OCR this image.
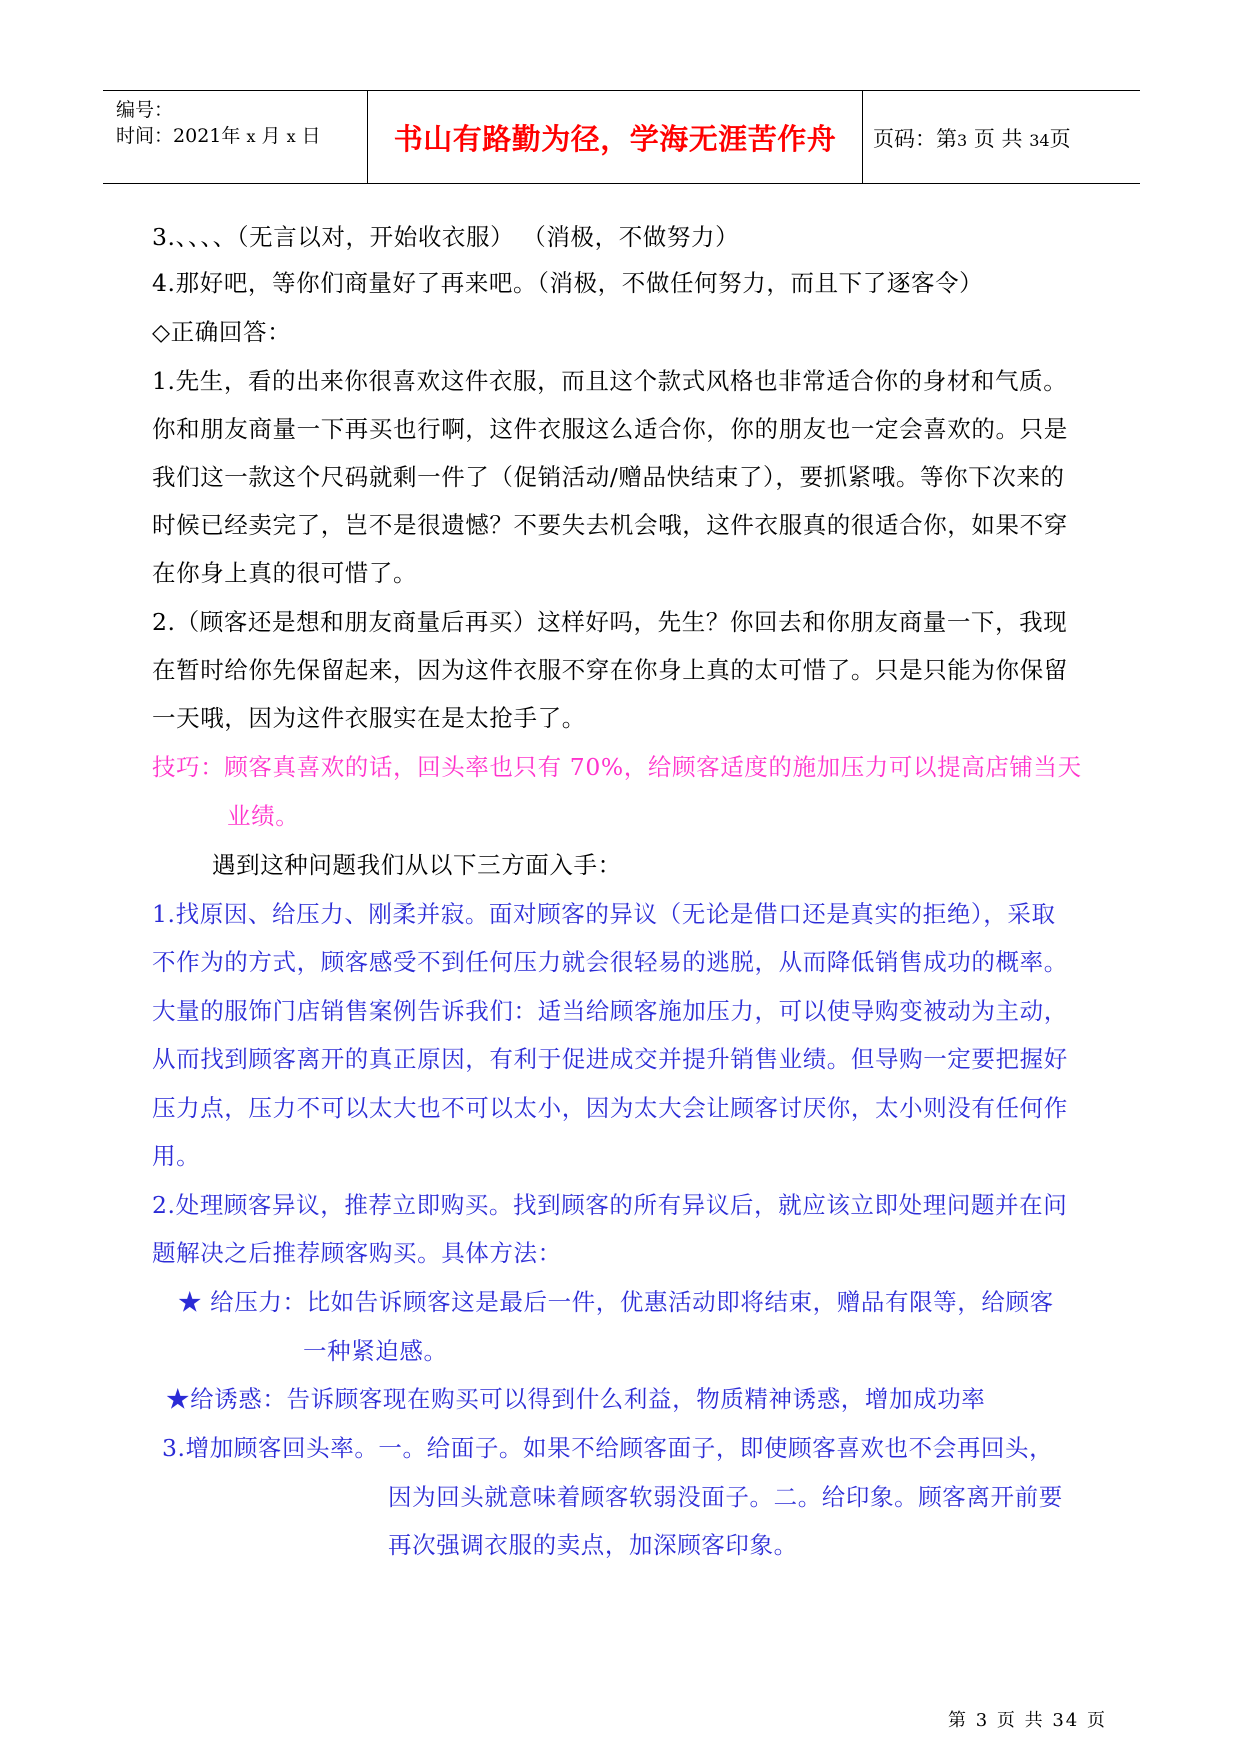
编号：
时间：2021年 x 月 x 日	书山有路勤为径，学海无涯苦作舟	页码：第3 页 共 34页
3.、、、、（无言以对，开始收衣服） （消极，不做努力）
4.那好吧，等你们商量好了再来吧。（消极，不做任何努力，而且下了逐客令）
◇正确回答：
1.先生，看的出来你很喜欢这件衣服，而且这个款式风格也非常适合你的身材和气质。
你和朋友商量一下再买也行啊，这件衣服这么适合你，你的朋友也一定会喜欢的。只是
我们这一款这个尺码就剩一件了（促销活动/赠品快结束了），要抓紧哦。等你下次来的
时候已经卖完了，岂不是很遗憾？不要失去机会哦，这件衣服真的很适合你，如果不穿
在你身上真的很可惜了。
2.（顾客还是想和朋友商量后再买）这样好吗，先生？你回去和你朋友商量一下，我现
在暂时给你先保留起来，因为这件衣服不穿在你身上真的太可惜了。只是只能为你保留
一天哦，因为这件衣服实在是太抢手了。
技巧：顾客真喜欢的话，回头率也只有 70%，给顾客适度的施加压力可以提高店铺当天
业绩。
遇到这种问题我们从以下三方面入手：
1.找原因、给压力、刚柔并寂。面对顾客的异议（无论是借口还是真实的拒绝），采取
不作为的方式，顾客感受不到任何压力就会很轻易的逃脱，从而降低销售成功的概率。
大量的服饰门店销售案例告诉我们：适当给顾客施加压力，可以使导购变被动为主动，
从而找到顾客离开的真正原因，有利于促进成交并提升销售业绩。但导购一定要把握好
压力点，压力不可以太大也不可以太小，因为太大会让顾客讨厌你，太小则没有任何作
用。
2.处理顾客异议，推荐立即购买。找到顾客的所有异议后，就应该立即处理问题并在问
题解决之后推荐顾客购买。具体方法：
★ 给压力：比如告诉顾客这是最后一件，优惠活动即将结束，赠品有限等，给顾客
一种紧迫感。
★给诱惑：告诉顾客现在购买可以得到什么利益，物质精神诱惑，增加成功率
3.增加顾客回头率。一。给面子。如果不给顾客面子，即使顾客喜欢也不会再回头，
因为回头就意味着顾客软弱没面子。二。给印象。顾客离开前要
再次强调衣服的卖点，加深顾客印象。
第 3 页 共 34 页
